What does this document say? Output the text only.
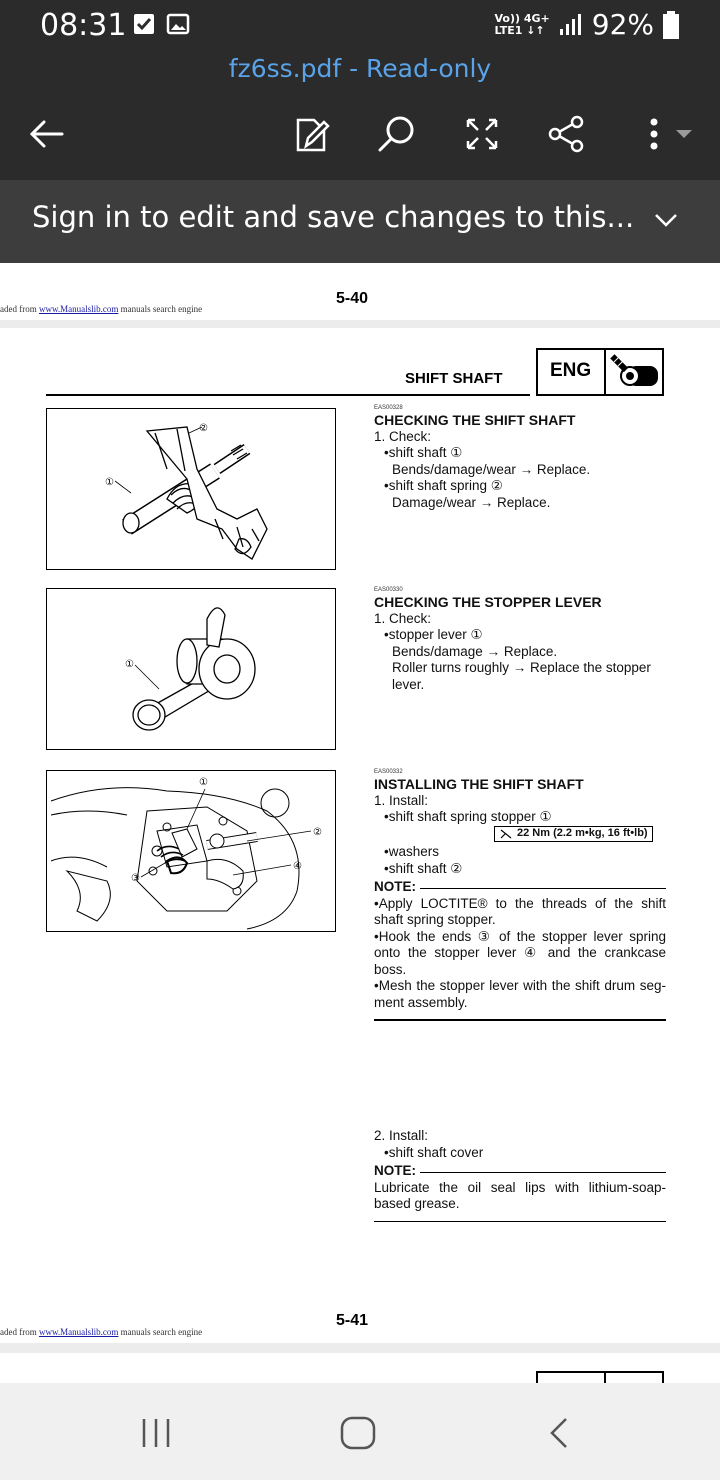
08:31	Vo)) 4G+
LTE1 ↓↑ 92%
fz6ss.pdf - Read-only
Sign in to edit and save changes to this...
5-40
aded from www.Manualslib.com manuals search engine
SHIFT SHAFT	ENG
②
①
①
①
②
③
④
EAS00328
CHECKING THE SHIFT SHAFT
1. Check:
•shift shaft ①
Bends/damage/wear → Replace.
•shift shaft spring ②
Damage/wear → Replace.
EAS00330
CHECKING THE STOPPER LEVER
1. Check:
•stopper lever ①
Bends/damage → Replace.
Roller turns roughly → Replace the stopper
lever.
EAS00332
INSTALLING THE SHIFT SHAFT
1. Install:
•shift shaft spring stopper ①
22 Nm (2.2 m•kg, 16 ft•lb)
•washers
•shift shaft ②
NOTE:
•Apply LOCTITE® to the threads of the shift shaft spring stopper.
•Hook the ends ③ of the stopper lever spring onto the stopper lever ④ and the crankcase boss.
•Mesh the stopper lever with the shift drum seg-ment assembly.
2. Install:
•shift shaft cover
NOTE:
Lubricate the oil seal lips with lithium-soap-based grease.
5-41
aded from www.Manualslib.com manuals search engine
